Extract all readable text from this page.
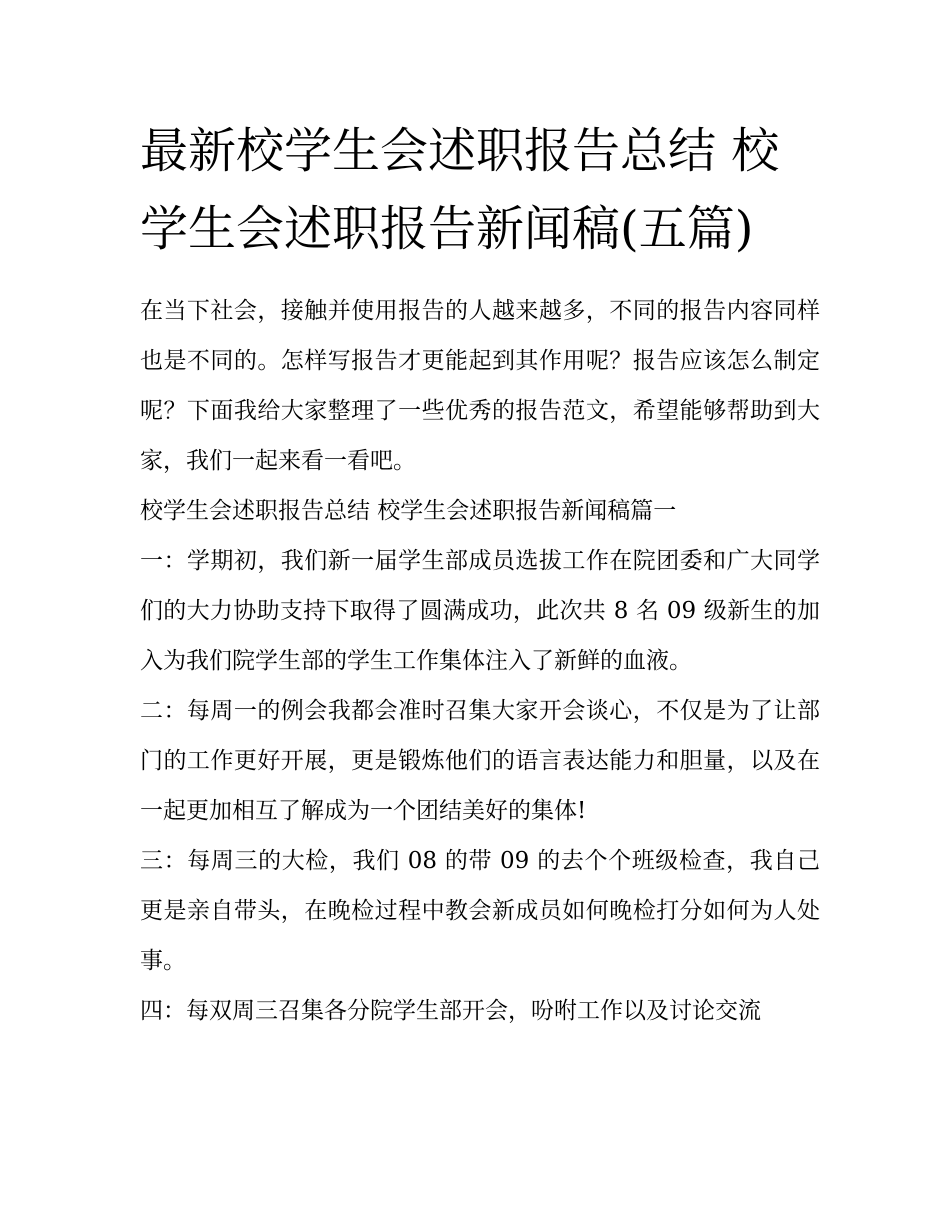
最新校学生会述职报告总结 校学生会述职报告新闻稿(五篇)

在当下社会，接触并使用报告的人越来越多，不同的报告内容同样也是不同的。怎样写报告才更能起到其作用呢？报告应该怎么制定呢？下面我给大家整理了一些优秀的报告范文，希望能够帮助到大家，我们一起来看一看吧。

校学生会述职报告总结 校学生会述职报告新闻稿篇一

一：学期初，我们新一届学生部成员选拔工作在院团委和广大同学们的大力协助支持下取得了圆满成功，此次共 8 名 09 级新生的加入为我们院学生部的学生工作集体注入了新鲜的血液。

二：每周一的例会我都会准时召集大家开会谈心，不仅是为了让部门的工作更好开展，更是锻炼他们的语言表达能力和胆量，以及在一起更加相互了解成为一个团结美好的集体!

三：每周三的大检，我们 08 的带 09 的去个个班级检查，我自己更是亲自带头，在晚检过程中教会新成员如何晚检打分如何为人处事。

四：每双周三召集各分院学生部开会，吩咐工作以及讨论交流
